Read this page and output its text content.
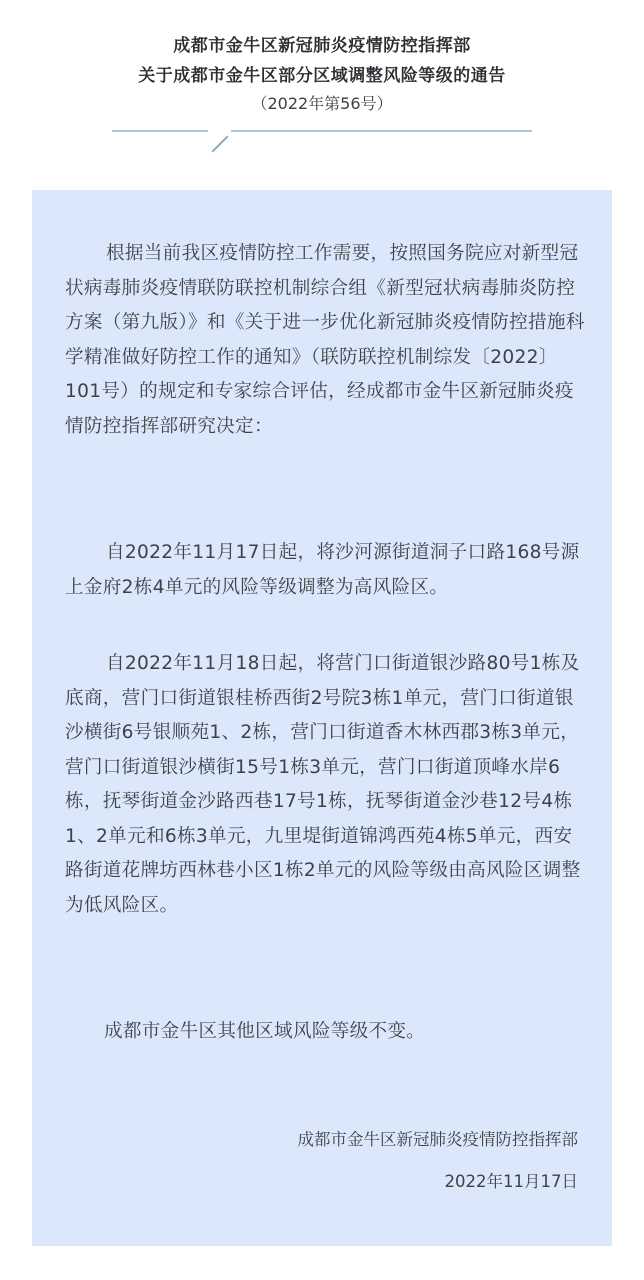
成都市金牛区新冠肺炎疫情防控指挥部
关于成都市金牛区部分区域调整风险等级的通告
（2022年第56号）
根据当前我区疫情防控工作需要，按照国务院应对新型冠状病毒肺炎疫情联防联控机制综合组《新型冠状病毒肺炎防控方案（第九版）》和《关于进一步优化新冠肺炎疫情防控措施科学精准做好防控工作的通知》（联防联控机制综发〔2022〕101号）的规定和专家综合评估，经成都市金牛区新冠肺炎疫情防控指挥部研究决定：
自2022年11月17日起，将沙河源街道洞子口路168号源上金府2栋4单元的风险等级调整为高风险区。
自2022年11月18日起，将营门口街道银沙路80号1栋及底商，营门口街道银桂桥西街2号院3栋1单元，营门口街道银沙横街6号银顺苑1、2栋，营门口街道香木林西郡3栋3单元，营门口街道银沙横街15号1栋3单元，营门口街道顶峰水岸6栋，抚琴街道金沙路西巷17号1栋，抚琴街道金沙巷12号4栋1、2单元和6栋3单元，九里堤街道锦鸿西苑4栋5单元，西安路街道花牌坊西林巷小区1栋2单元的风险等级由高风险区调整为低风险区。
成都市金牛区其他区域风险等级不变。
成都市金牛区新冠肺炎疫情防控指挥部
2022年11月17日
